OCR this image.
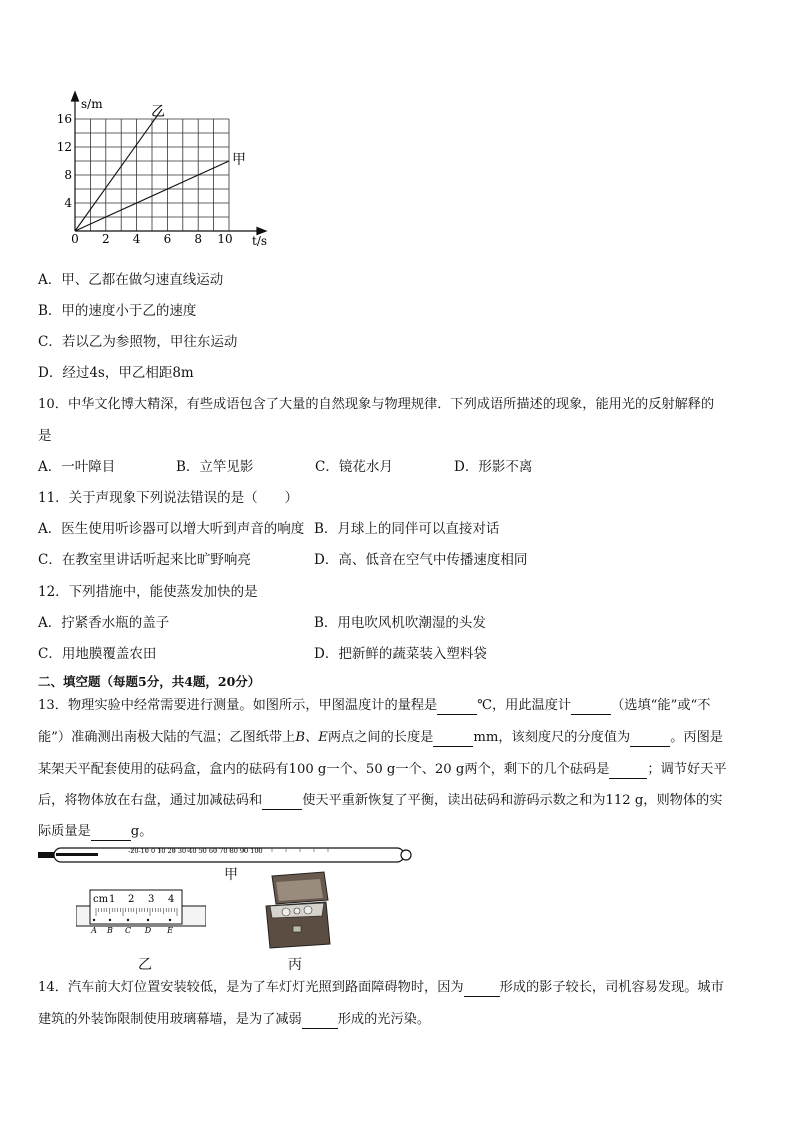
s/m	乙
甲
t/s
16
12
8
4
0 2 4 6 8 10
A．甲、乙都在做匀速直线运动
B．甲的速度小于乙的速度
C．若以乙为参照物，甲往东运动
D．经过4s，甲乙相距8m
10．中华文化博大精深，有些成语包含了大量的自然现象与物理规律．下列成语所描述的现象，能用光的反射解释的
是
A．一叶障目	B．立竿见影	C．镜花水月	D．形影不离
11．关于声现象下列说法错误的是（　　）
A．医生使用听诊器可以增大听到声音的响度 B．月球上的同伴可以直接对话
C．在教室里讲话听起来比旷野响亮	D．高、低音在空气中传播速度相同
12．下列措施中，能使蒸发加快的是
A．拧紧香水瓶的盖子	B．用电吹风机吹潮湿的头发
C．用地膜覆盖农田	D．把新鲜的蔬菜装入塑料袋
二、填空题（每题5分，共4题，20分）
13．物理实验中经常需要进行测量。如图所示，甲图温度计的量程是	℃，用此温度计	（选填“能”或“不
能”）准确测出南极大陆的气温；乙图纸带上B、E两点之间的长度是	mm，该刻度尺的分度值为	。丙图是
某架天平配套使用的砝码盒，盒内的砝码有100 g一个、50 g一个、20 g两个，剩下的几个砝码是	；调节好天平
后，将物体放在右盘，通过加减砝码和	使天平重新恢复了平衡，读出砝码和游码示数之和为112 g，则物体的实
际质量是	g。
-20-10 0 10 20 30 40 50 60 70 80 90 100
甲
cm 1 2 3 4
A B C D E
乙	丙
14．汽车前大灯位置安装较低，是为了车灯灯光照到路面障碍物时，因为	形成的影子较长，司机容易发现。城市
建筑的外装饰限制使用玻璃幕墙，是为了减弱	形成的光污染。
